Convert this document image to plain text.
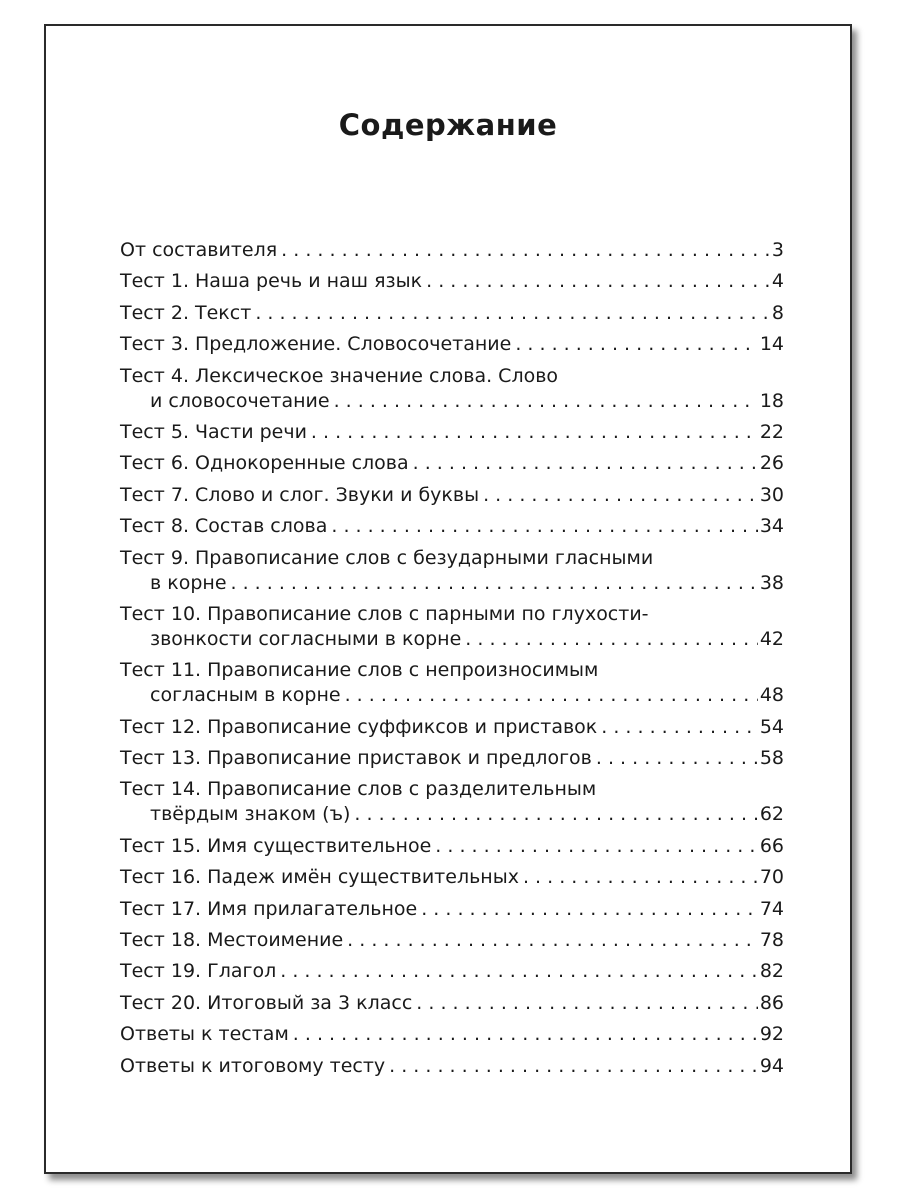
Содержание
От составителя . . .	3
Тест 1. Наша речь и наш язык . . .	4
Тест 2. Текст . . .	8
Тест 3. Предложение. Словосочетание . . .	14
Тест 4. Лексическое значение слова. Слово
и словосочетание . . .	18
Тест 5. Части речи . . .	22
Тест 6. Однокоренные слова . . .	26
Тест 7. Слово и слог. Звуки и буквы . . .	30
Тест 8. Состав слова . . .	34
Тест 9. Правописание слов с безударными гласными
в корне . . .	38
Тест 10. Правописание слов с парными по глухости-
звонкости согласными в корне . . .	42
Тест 11. Правописание слов с непроизносимым
согласным в корне . . .	48
Тест 12. Правописание суффиксов и приставок . . .	54
Тест 13. Правописание приставок и предлогов . . .	58
Тест 14. Правописание слов с разделительным
твёрдым знаком (ъ) . . .	62
Тест 15. Имя существительное . . .	66
Тест 16. Падеж имён существительных . . .	70
Тест 17. Имя прилагательное . . .	74
Тест 18. Местоимение . . .	78
Тест 19. Глагол . . .	82
Тест 20. Итоговый за 3 класс . . .	86
Ответы к тестам . . .	92
Ответы к итоговому тесту . . .	94
